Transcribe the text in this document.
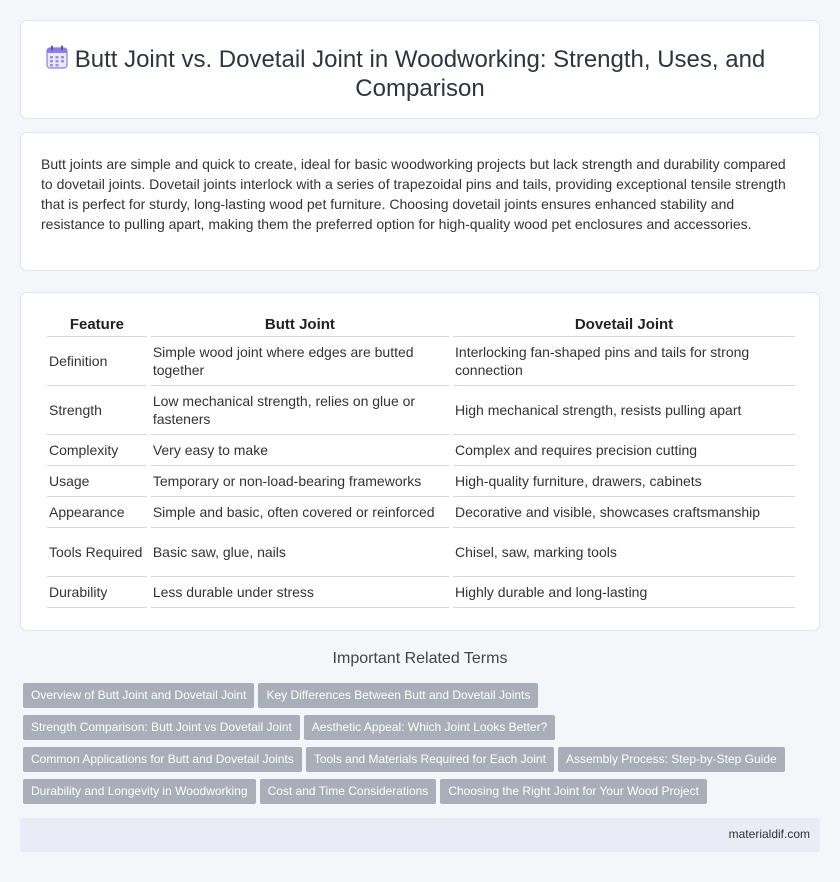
Butt Joint vs. Dovetail Joint in Woodworking: Strength, Uses, and Comparison

Butt joints are simple and quick to create, ideal for basic woodworking projects but lack strength and durability compared to dovetail joints. Dovetail joints interlock with a series of trapezoidal pins and tails, providing exceptional tensile strength that is perfect for sturdy, long-lasting wood pet furniture. Choosing dovetail joints ensures enhanced stability and resistance to pulling apart, making them the preferred option for high-quality wood pet enclosures and accessories.

Feature	Butt Joint	Dovetail Joint
Definition	Simple wood joint where edges are butted together	Interlocking fan-shaped pins and tails for strong connection
Strength	Low mechanical strength, relies on glue or fasteners	High mechanical strength, resists pulling apart
Complexity	Very easy to make	Complex and requires precision cutting
Usage	Temporary or non-load-bearing frameworks	High-quality furniture, drawers, cabinets
Appearance	Simple and basic, often covered or reinforced	Decorative and visible, showcases craftsmanship
Tools Required	Basic saw, glue, nails	Chisel, saw, marking tools
Durability	Less durable under stress	Highly durable and long-lasting
Important Related Terms
Overview of Butt Joint and Dovetail Joint Key Differences Between Butt and Dovetail Joints
Strength Comparison: Butt Joint vs Dovetail Joint Aesthetic Appeal: Which Joint Looks Better?
Common Applications for Butt and Dovetail Joints Tools and Materials Required for Each Joint Assembly Process: Step-by-Step Guide
Durability and Longevity in Woodworking Cost and Time Considerations Choosing the Right Joint for Your Wood Project
materialdif.com
